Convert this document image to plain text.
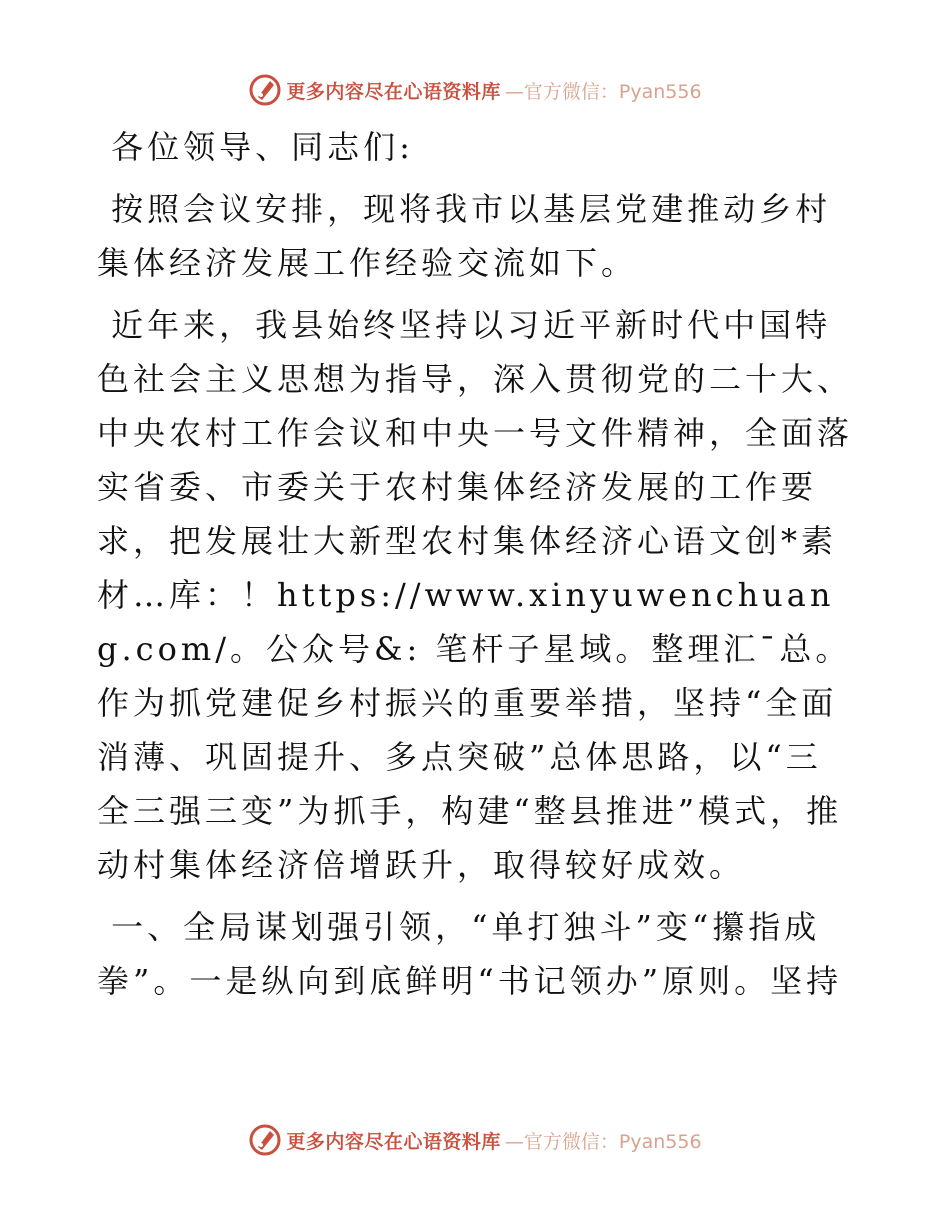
更多内容尽在心语资料库 —官方微信：Pyan556

各位领导、同志们:

按照会议安排，现将我市以基层党建推动乡村集体经济发展工作经验交流如下。

近年来，我县始终坚持以习近平新时代中国特色社会主义思想为指导，深入贯彻党的二十大、中央农村工作会议和中央一号文件精神，全面落实省委、市委关于农村集体经济发展的工作要求，把发展壮大新型农村集体经济心语文创*素材…库：！https://www.xinyuwenchuang.com/。公众号&: 笔杆子星域。整理汇¯总。作为抓党建促乡村振兴的重要举措，坚持“全面消薄、巩固提升、多点突破”总体思路，以“三全三强三变”为抓手，构建“整县推进”模式，推动村集体经济倍增跃升，取得较好成效。

一、全局谋划强引领，“单打独斗”变“攥指成拳”。一是纵向到底鲜明“书记领办”原则。坚持

更多内容尽在心语资料库 —官方微信：Pyan556
